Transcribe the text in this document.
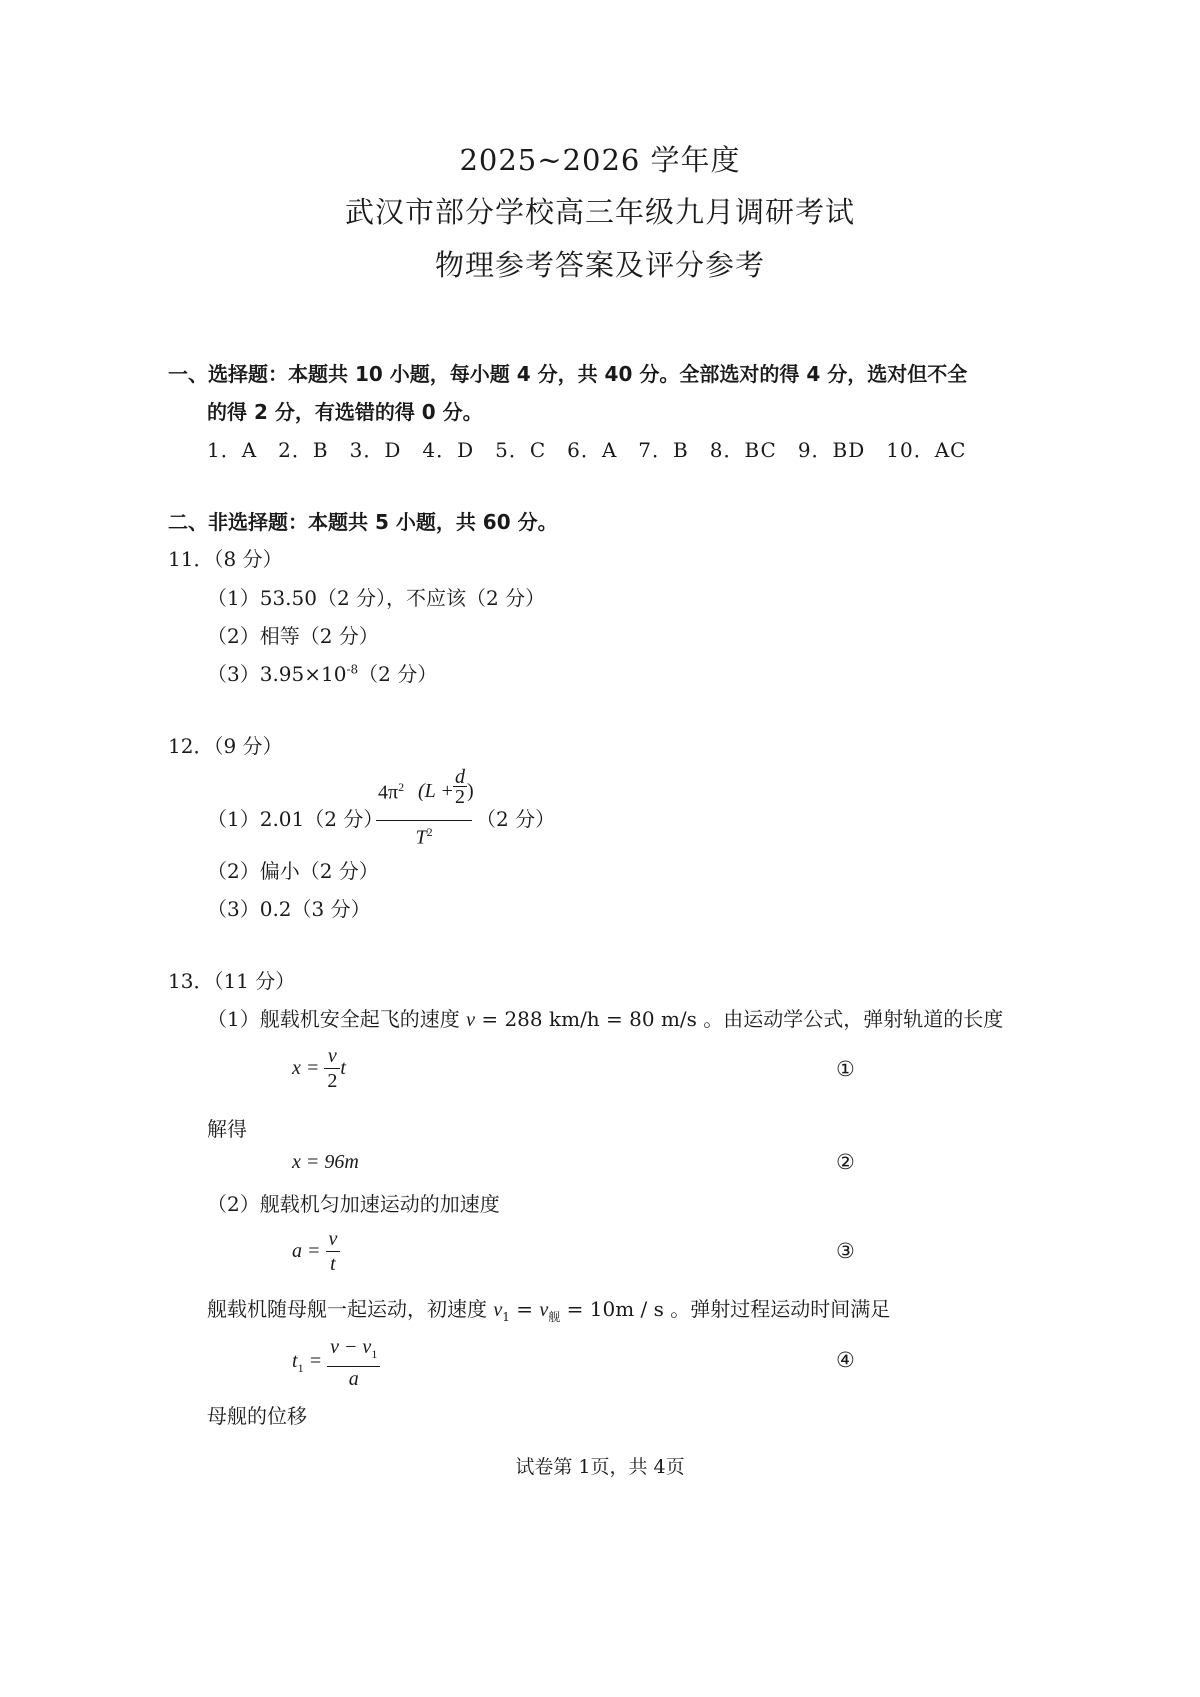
2025~2026 学年度
武汉市部分学校高三年级九月调研考试
物理参考答案及评分参考
一、选择题：本题共 10 小题，每小题 4 分，共 40 分。全部选对的得 4 分，选对但不全
的得 2 分，有选错的得 0 分。
1．A　2．B　3．D　4．D　5．C　6．A　7．B　8．BC　9．BD　10．AC
二、非选择题：本题共 5 小题，共 60 分。
11．（8 分）
（1）53.50（2 分），不应该（2 分）
（2）相等（2 分）
$(3)3.95\times 10^{-8}(2$ 分）
12．（9 分）
（1）2.01（2 分）
$4\pi^2$ (L +
d
2 )
$T^2$ （2 分）
（2）偏小（2 分）
（3）0.2（3 分）
13．（11 分）
（1）舰载机安全起飞的速度 v = 288 km/h = 80 m/s 。由运动学公式，弹射轨道的长度
$x = \frac{v}{2}$ t	①
解得
x = 96m	②
（2）舰载机匀加速运动的加速度
$a = \frac{v}{t}$	③
舰载机随母舰一起运动，初速度 $v_1 = v_舰 = 10m / s$ 。弹射过程运动时间满足
$t_1 = \frac{v - v_1}{a}$	④
母舰的位移
试卷第 1页，共 4页
